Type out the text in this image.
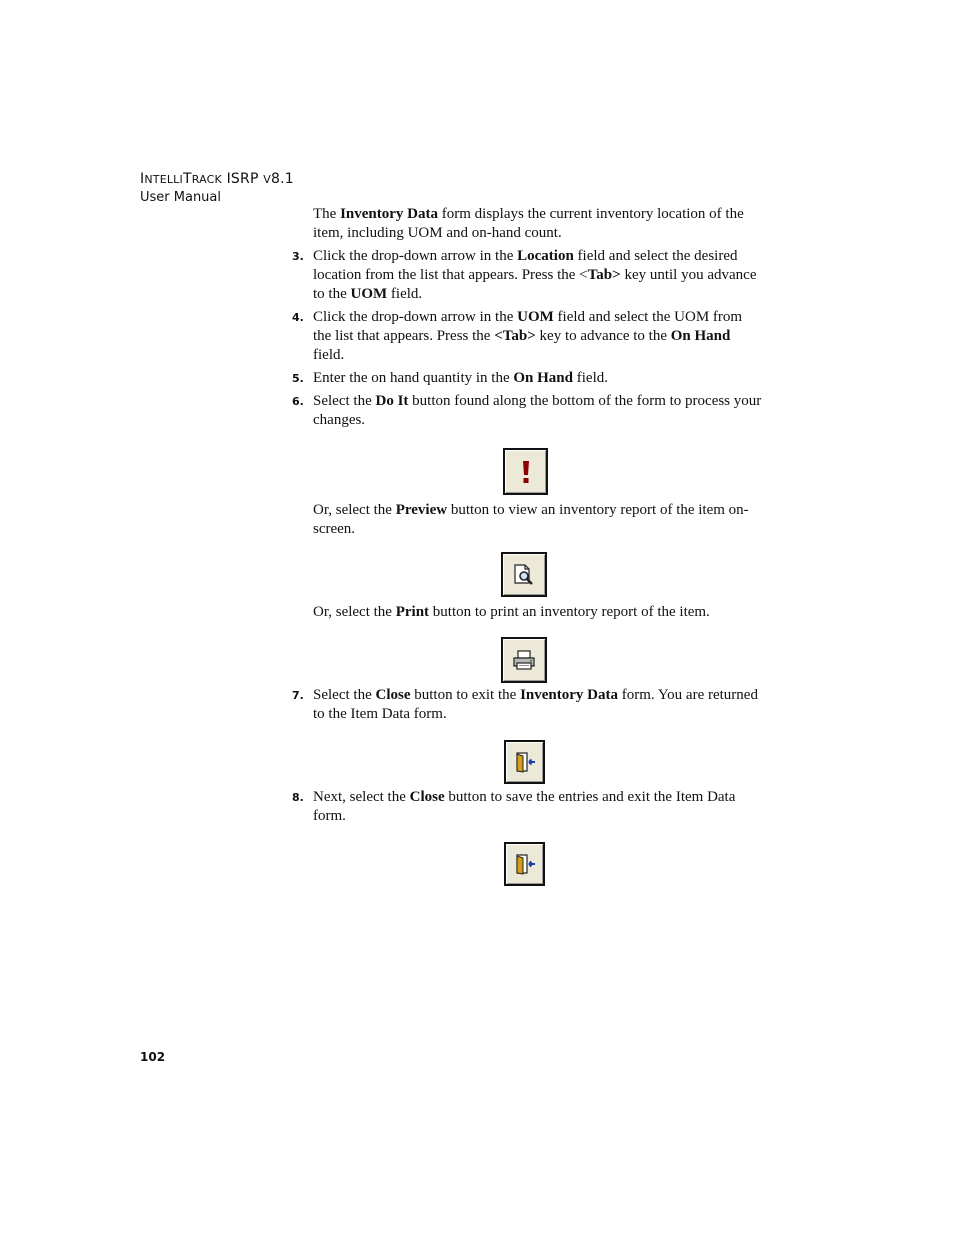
INTELLITRACK ISRP V8.1
User Manual
The Inventory Data form displays the current inventory location of the item, including UOM and on-hand count.
3. Click the drop-down arrow in the Location field and select the desired location from the list that appears. Press the <Tab> key until you advance to the UOM field.
4. Click the drop-down arrow in the UOM field and select the UOM from the list that appears. Press the <Tab> key to advance to the On Hand field.
5. Enter the on hand quantity in the On Hand field.
6. Select the Do It button found along the bottom of the form to process your changes.
Or, select the Preview button to view an inventory report of the item on-screen.
Or, select the Print button to print an inventory report of the item.
7. Select the Close button to exit the Inventory Data form. You are returned to the Item Data form.
8. Next, select the Close button to save the entries and exit the Item Data form.
102
